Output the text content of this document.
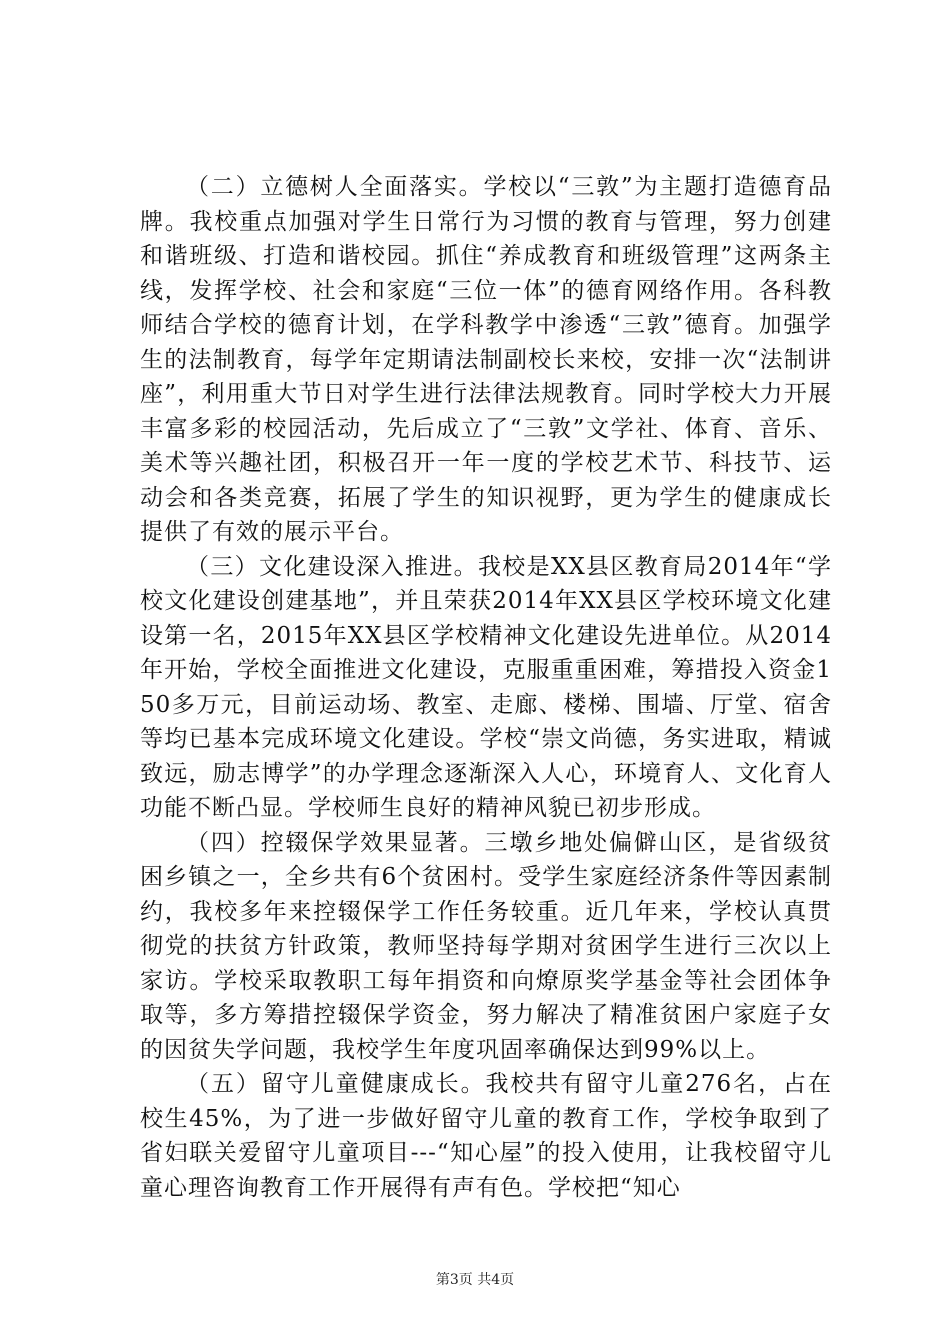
（二）立德树人全面落实。学校以“三敦”为主题打造德育品牌。我校重点加强对学生日常行为习惯的教育与管理，努力创建和谐班级、打造和谐校园。抓住“养成教育和班级管理”这两条主线，发挥学校、社会和家庭“三位一体”的德育网络作用。各科教师结合学校的德育计划，在学科教学中渗透“三敦”德育。加强学生的法制教育，每学年定期请法制副校长来校，安排一次“法制讲座”，利用重大节日对学生进行法律法规教育。同时学校大力开展丰富多彩的校园活动，先后成立了“三敦”文学社、体育、音乐、美术等兴趣社团，积极召开一年一度的学校艺术节、科技节、运动会和各类竞赛，拓展了学生的知识视野，更为学生的健康成长提供了有效的展示平台。

（三）文化建设深入推进。我校是XX县区教育局2014年“学校文化建设创建基地”，并且荣获2014年XX县区学校环境文化建设第一名，2015年XX县区学校精神文化建设先进单位。从2014年开始，学校全面推进文化建设，克服重重困难，筹措投入资金150多万元，目前运动场、教室、走廊、楼梯、围墙、厅堂、宿舍等均已基本完成环境文化建设。学校“崇文尚德，务实进取，精诚致远，励志博学”的办学理念逐渐深入人心，环境育人、文化育人功能不断凸显。学校师生良好的精神风貌已初步形成。

（四）控辍保学效果显著。三墩乡地处偏僻山区，是省级贫困乡镇之一，全乡共有6个贫困村。受学生家庭经济条件等因素制约，我校多年来控辍保学工作任务较重。近几年来，学校认真贯彻党的扶贫方针政策，教师坚持每学期对贫困学生进行三次以上家访。学校采取教职工每年捐资和向燎原奖学基金等社会团体争取等，多方筹措控辍保学资金，努力解决了精准贫困户家庭子女的因贫失学问题，我校学生年度巩固率确保达到99%以上。

（五）留守儿童健康成长。我校共有留守儿童276名，占在校生45%，为了进一步做好留守儿童的教育工作，学校争取到了省妇联关爱留守儿童项目---“知心屋”的投入使用，让我校留守儿童心理咨询教育工作开展得有声有色。学校把“知心

第3页 共4页
